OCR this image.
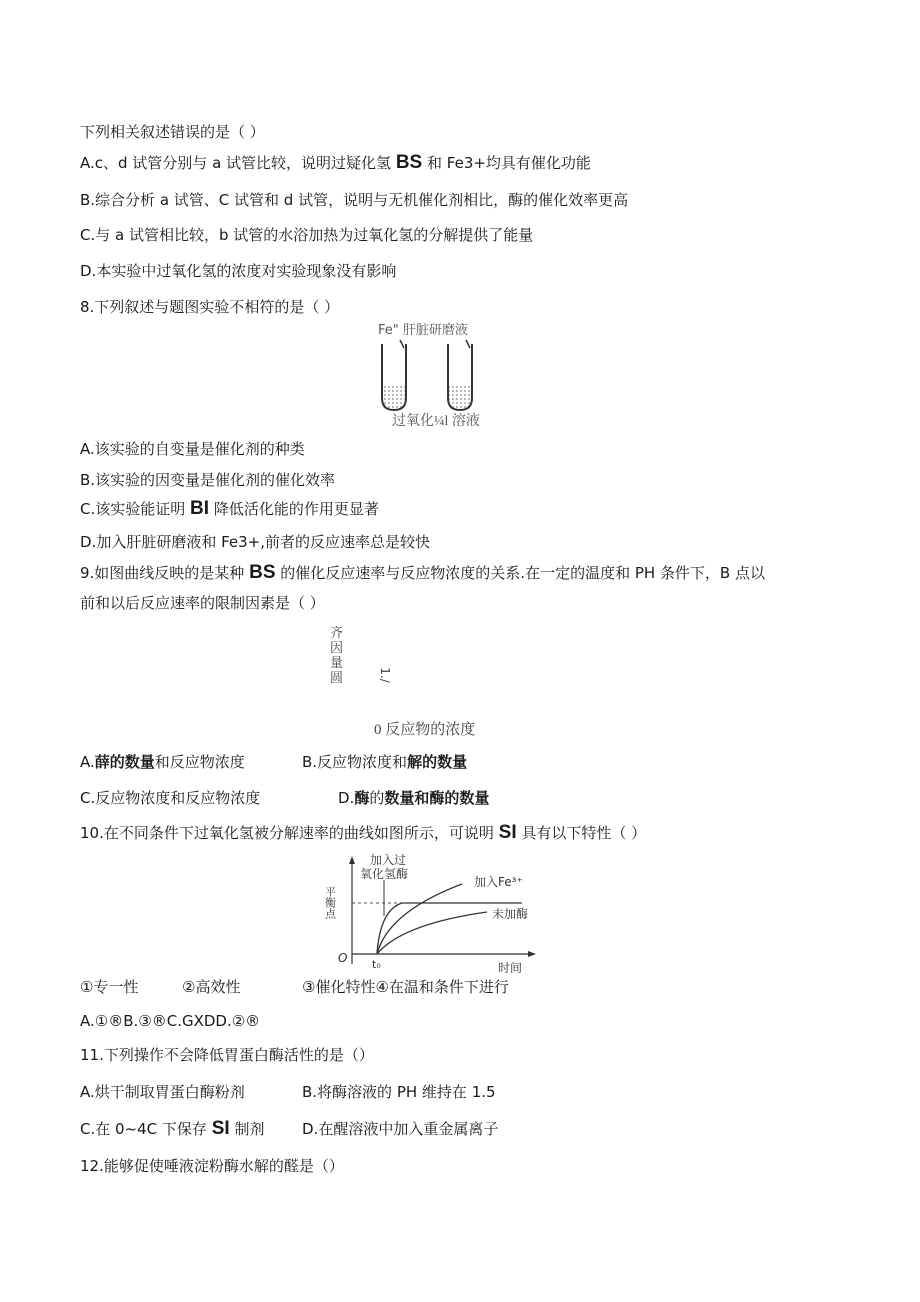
下列相关叙述错误的是（ ）
A.c、d 试管分别与 a 试管比较，说明过疑化氢 BS 和 Fe3+均具有催化功能
B.综合分析 a 试管、C 试管和 d 试管，说明与无机催化剂相比，酶的催化效率更高
C.与 a 试管相比较，b 试管的水浴加热为过氧化氢的分解提供了能量
D.本实验中过氧化氢的浓度对实验现象没有影响
8.下列叙述与题图实验不相符的是（ ）
Fe" 肝脏研磨液
过氧化¼l 溶液
A.该实验的自变量是催化剂的种类
B.该实验的因变量是催化剂的催化效率
C.该实验能证明 BI 降低活化能的作用更显著
D.加入肝脏研磨液和 Fe3+,前者的反应速率总是较快
9.如图曲线反映的是某种 BS 的催化反应速率与反应物浓度的关系.在一定的温度和 PH 条件下，B 点以
前和以后反应速率的限制因素是（ ）
齐因量圆	1.∕
0 反应物的浓度
A.薛的数量和反应物浓度	B.反应物浓度和解的数量
C.反应物浓度和反应物浓度	D.酶的数量和酶的数量
10.在不同条件下过氧化氢被分解速率的曲线如图所示，可说明 SI 具有以下特性（ ）
加入过
氧化氢酶
加入Fe³⁺
未加酶
平衡点
O t₀	时间
①专一性	②高效性	③催化特性④在温和条件下进行
A.①®B.③®C.GXDD.②®
11.下列操作不会降低胃蛋白酶活性的是（）
A.烘干制取胃蛋白酶粉剂	B.将酶溶液的 PH 维持在 1.5
C.在 0~4C 下保存 SI 制剂	D.在醒溶液中加入重金属离子
12.能够促使唾液淀粉酶水解的醛是（）
